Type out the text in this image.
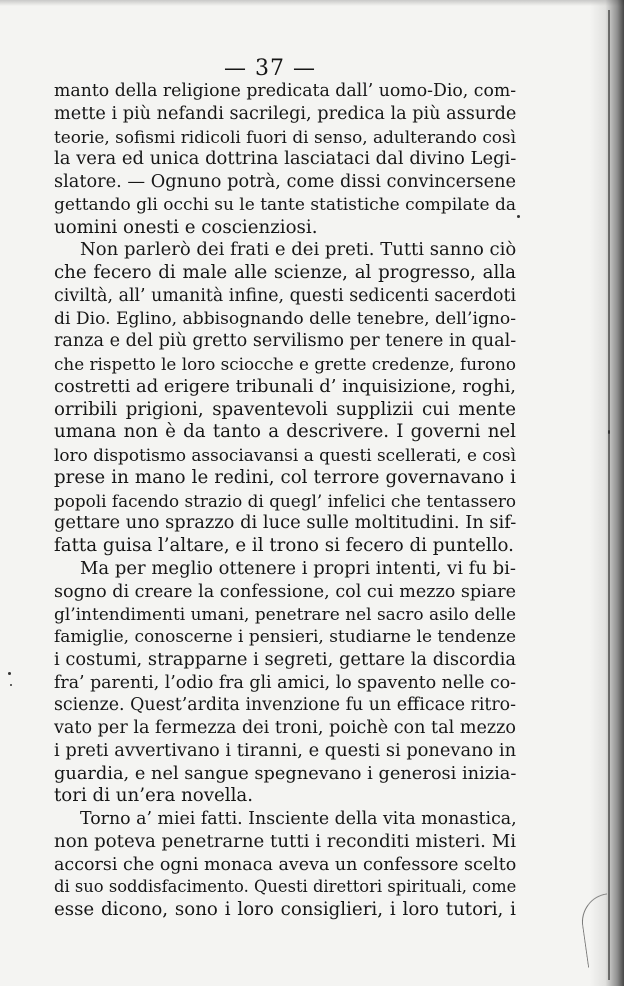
— 37 —
manto della religione predicata dall’ uomo-Dio, com-
mette i più nefandi sacrilegi, predica la più assurde
teorie, sofismi ridicoli fuori di senso, adulterando così
la vera ed unica dottrina lasciataci dal divino Legi-
slatore. — Ognuno potrà, come dissi convincersene
gettando gli occhi su le tante statistiche compilate da
uomini onesti e coscienziosi.
Non parlerò dei frati e dei preti. Tutti sanno ciò
che fecero di male alle scienze, al progresso, alla
civiltà, all’ umanità infine, questi sedicenti sacerdoti
di Dio. Eglino, abbisognando delle tenebre, dell’igno-
ranza e del più gretto servilismo per tenere in qual-
che rispetto le loro sciocche e grette credenze, furono
costretti ad erigere tribunali d’ inquisizione, roghi,
orribili prigioni, spaventevoli supplizii cui mente
umana non è da tanto a descrivere. I governi nel
loro dispotismo associavansi a questi scellerati, e così
prese in mano le redini, col terrore governavano i
popoli facendo strazio di quegl’ infelici che tentassero
gettare uno sprazzo di luce sulle moltitudini. In sif-
fatta guisa l’altare, e il trono si fecero di puntello.
Ma per meglio ottenere i propri intenti, vi fu bi-
sogno di creare la confessione, col cui mezzo spiare
gl’intendimenti umani, penetrare nel sacro asilo delle
famiglie, conoscerne i pensieri, studiarne le tendenze
i costumi, strapparne i segreti, gettare la discordia
fra’ parenti, l’odio fra gli amici, lo spavento nelle co-
scienze. Quest’ardita invenzione fu un efficace ritro-
vato per la fermezza dei troni, poichè con tal mezzo
i preti avvertivano i tiranni, e questi si ponevano in
guardia, e nel sangue spegnevano i generosi inizia-
tori di un’era novella.
Torno a’ miei fatti. Insciente della vita monastica,
non poteva penetrarne tutti i reconditi misteri. Mi
accorsi che ogni monaca aveva un confessore scelto
di suo soddisfacimento. Questi direttori spirituali, come
esse dicono, sono i loro consiglieri, i loro tutori, i
